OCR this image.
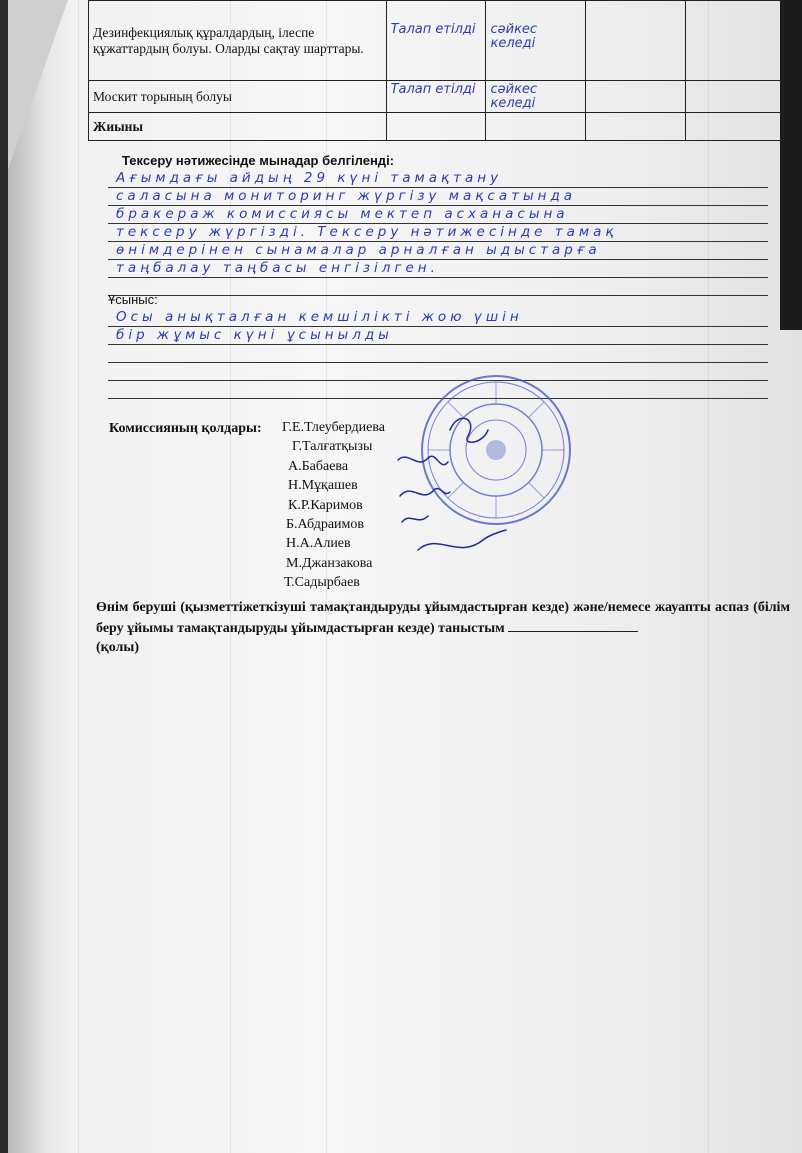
Дезинфекциялық құралдардың, ілеспе құжаттардың болуы. Оларды сақтау шарттары.	Талап етілді	сәйкес келеді		
Москит торының болуы	Талап етілді	сәйкес келеді		
Жиыны				
Тексеру нәтижесінде мынадар белгіленді:
Ағымдағы айдың 29 күні тамақтану
саласына мониторинг жүргізу мақсатында
бракераж комиссиясы мектеп асханасына
тексеру жүргізді. Тексеру нәтижесінде тамақ
өнімдерінен сынамалар арналған ыдыстарға
таңбалау таңбасы енгізілген.
Ұсыныс:
Осы анықталған кемшілікті жою үшін
бір жұмыс күні ұсынылды
Комиссияның қолдары: Г.Е.Тлеубердиева
Г.Талғатқызы
А.Бабаева
Н.Мұқашев
К.Р.Каримов
Б.Абдраимов
Н.А.Алиев
М.Джанзакова
Т.Садырбаев
Өнім беруші (қызметтіжеткізуші тамақтандыруды ұйымдастырған кезде) және/немесе жауапты аспаз (білім беру ұйымы тамақтандыруды ұйымдастырған кезде) таныстым
(қолы)
